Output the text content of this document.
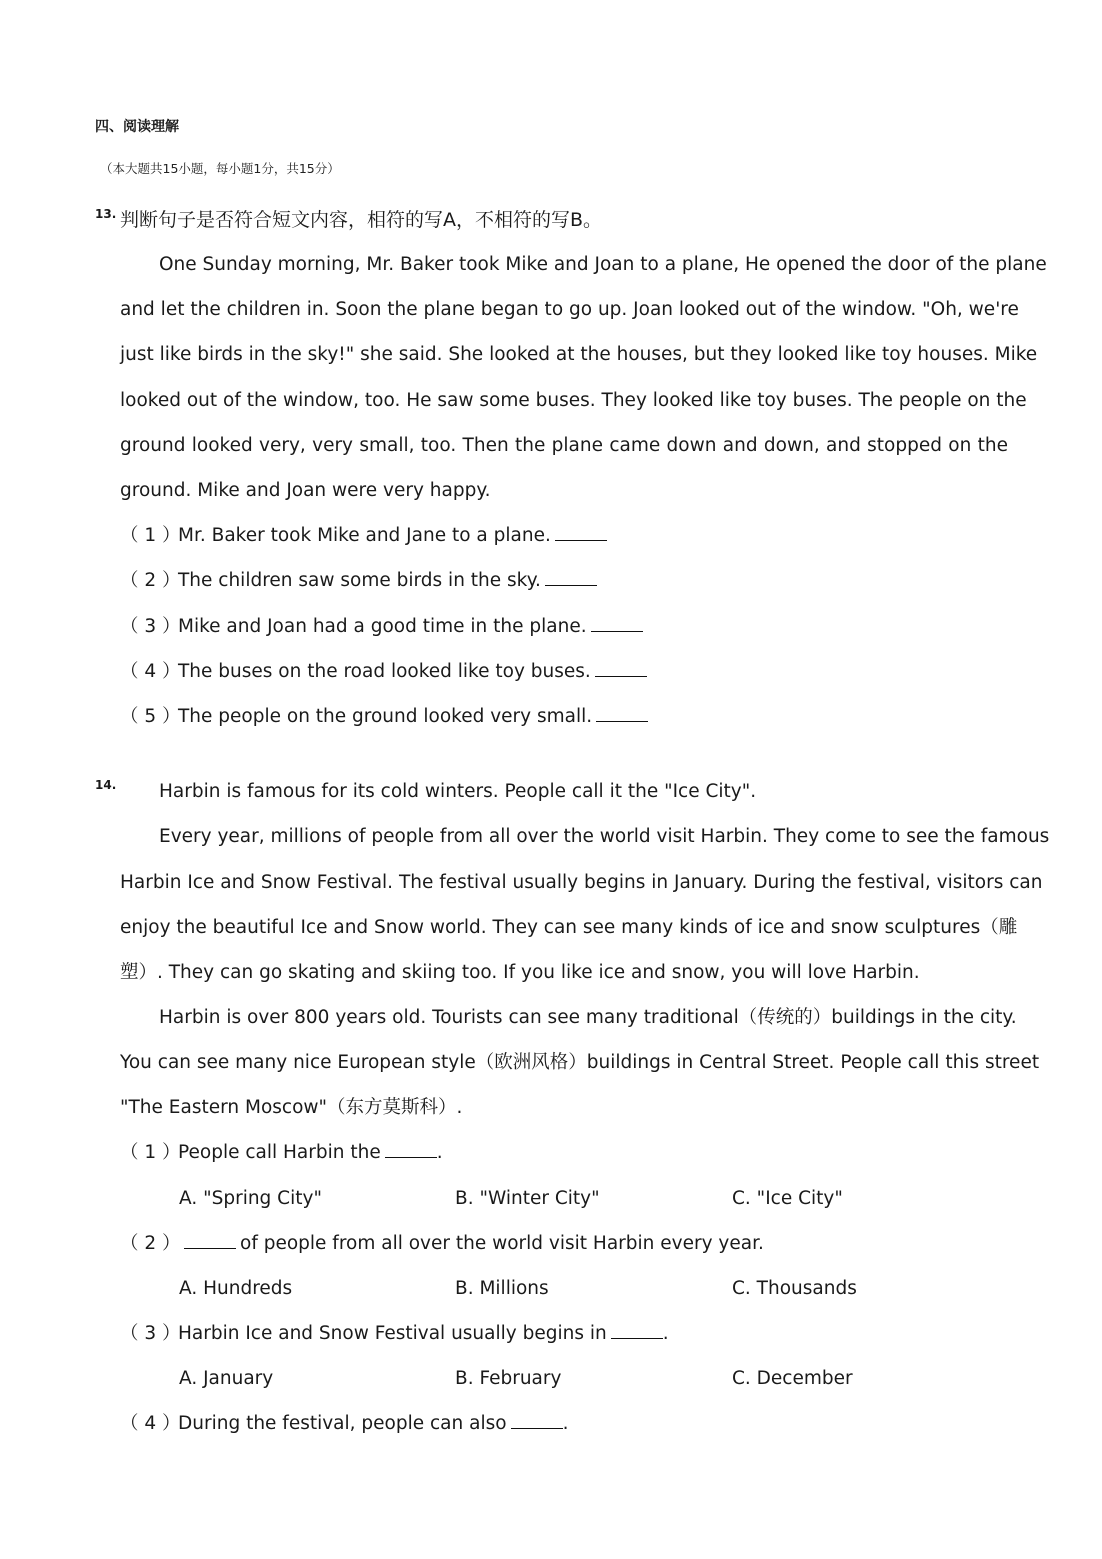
四、阅读理解
（本大题共15小题，每小题1分，共15分）
13. 判断句子是否符合短文内容，相符的写A，不相符的写B。
One Sunday morning, Mr. Baker took Mike and Joan to a plane, He opened the door of the plane
and let the children in. Soon the plane began to go up. Joan looked out of the window. "Oh, we're
just like birds in the sky!" she said. She looked at the houses, but they looked like toy houses. Mike
looked out of the window, too. He saw some buses. They looked like toy buses. The people on the
ground looked very, very small, too. Then the plane came down and down, and stopped on the
ground. Mike and Joan were very happy.
（ 1 ）Mr. Baker took Mike and Jane to a plane.
（ 2 ）The children saw some birds in the sky.
（ 3 ）Mike and Joan had a good time in the plane.
（ 4 ）The buses on the road looked like toy buses.
（ 5 ）The people on the ground looked very small.
14.	Harbin is famous for its cold winters. People call it the "Ice City".
Every year, millions of people from all over the world visit Harbin. They come to see the famous
Harbin Ice and Snow Festival. The festival usually begins in January. During the festival, visitors can
enjoy the beautiful Ice and Snow world. They can see many kinds of ice and snow sculptures（雕
塑）. They can go skating and skiing too. If you like ice and snow, you will love Harbin.
Harbin is over 800 years old. Tourists can see many traditional（传统的）buildings in the city.
You can see many nice European style（欧洲风格）buildings in Central Street. People call this street
"The Eastern Moscow"（东方莫斯科）.
（ 1 ）People call Harbin the	.
A. "Spring City"	B. "Winter City"	C. "Ice City"
（ 2 ）	of people from all over the world visit Harbin every year.
A. Hundreds	B. Millions	C. Thousands
（ 3 ）Harbin Ice and Snow Festival usually begins in	.
A. January	B. February	C. December
（ 4 ）During the festival, people can also	.
